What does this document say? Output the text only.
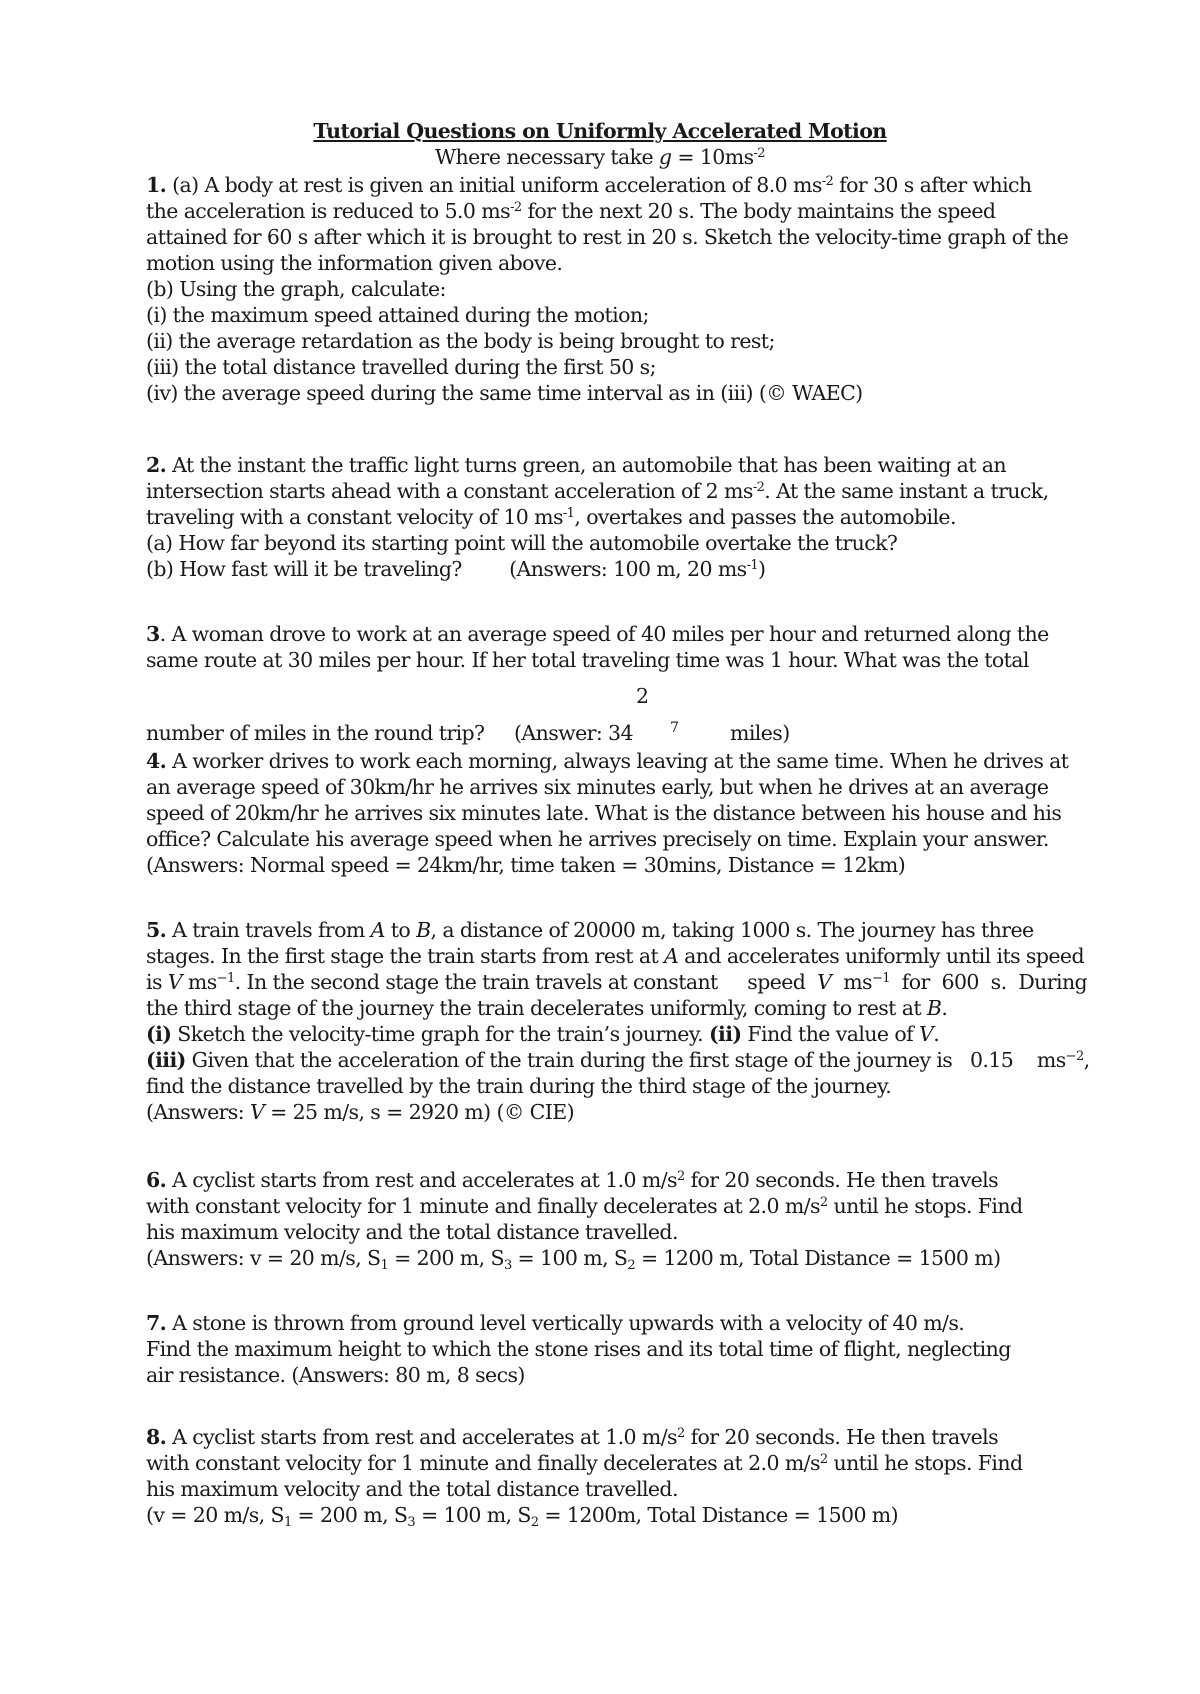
Tutorial Questions on Uniformly Accelerated Motion
Where necessary take $g = 10ms^{-2}$
1. (a) A body at rest is given an initial uniform acceleration of 8.0 $ms^{-2}$ for 30 s after which
the acceleration is reduced to 5.0 $ms^{-2}$ for the next 20 s. The body maintains the speed
attained for 60 s after which it is brought to rest in 20 s. Sketch the velocity-time graph of the
motion using the information given above.
(b) Using the graph, calculate:
(i) the maximum speed attained during the motion;
(ii) the average retardation as the body is being brought to rest;
(iii) the total distance travelled during the first 50 s;
(iv) the average speed during the same time interval as in (iii) (© WAEC)
2. At the instant the traffic light turns green, an automobile that has been waiting at an
intersection starts ahead with a constant acceleration of 2 $ms^{-2}$. At the same instant a truck,
traveling with a constant velocity of 10 $ms^{-1}$, overtakes and passes the automobile.
(a) How far beyond its starting point will the automobile overtake the truck?
(b) How fast will it be traveling?        (Answers: 100 m, 20 $ms^{-1}$)
3. A woman drove to work at an average speed of 40 miles per hour and returned along the
same route at 30 miles per hour. If her total traveling time was 1 hour. What was the total
2
number of miles in the round trip?     (Answer: 34	7 miles)
4. A worker drives to work each morning, always leaving at the same time. When he drives at
an average speed of 30km/hr he arrives six minutes early, but when he drives at an average
speed of 20km/hr he arrives six minutes late. What is the distance between his house and his
office? Calculate his average speed when he arrives precisely on time. Explain your answer.
(Answers: Normal speed = 24km/hr, time taken = 30mins, Distance = 12km)
5. A train travels from A to B, a distance of 20000 m, taking 1000 s. The journey has three
stages. In the first stage the train starts from rest at A and accelerates uniformly until its speed
is V $ms^{-1}$. In the second stage the train travels at constant     speed  V  $ms^{-1}$  for  600  s.  During
the third stage of the journey the train decelerates uniformly, coming to rest at B.
(i) Sketch the velocity-time graph for the train’s journey. (ii) Find the value of V.
(iii) Given that the acceleration of the train during the first stage of the journey is   0.15    $ms^{-2}$,
find the distance travelled by the train during the third stage of the journey.
(Answers: V = 25 m/s, s = 2920 m) (© CIE)
6. A cyclist starts from rest and accelerates at 1.0 $m/s^2$ for 20 seconds. He then travels
with constant velocity for 1 minute and finally decelerates at 2.0 $m/s^2$ until he stops. Find
his maximum velocity and the total distance travelled.
(Answers: v = 20 m/s, $S_1 = 200$ m, $S_3 = 100$ m, $S_2 = 1200$ m, Total Distance = 1500 m)
7. A stone is thrown from ground level vertically upwards with a velocity of 40 m/s.
Find the maximum height to which the stone rises and its total time of flight, neglecting
air resistance. (Answers: 80 m, 8 secs)
8. A cyclist starts from rest and accelerates at 1.0 $m/s^2$ for 20 seconds. He then travels
with constant velocity for 1 minute and finally decelerates at 2.0 $m/s^2$ until he stops. Find
his maximum velocity and the total distance travelled.
(v = 20 m/s, $S_1 = 200$ m, $S_3 = 100$ m, $S_2 = 1200m$, Total Distance = 1500 m)
